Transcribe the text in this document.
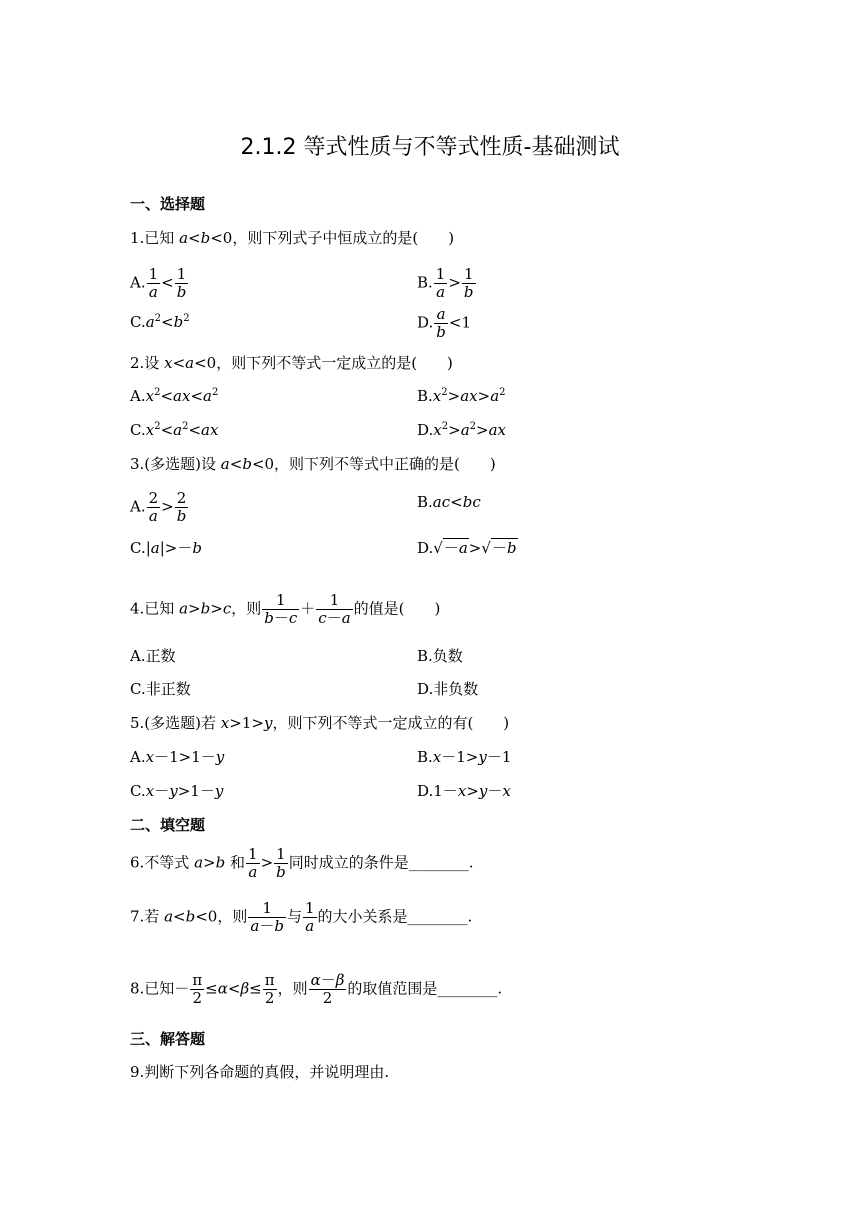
2.1.2 等式性质与不等式性质-基础测试
一、选择题
1.已知 a<b<0，则下列式子中恒成立的是(　　)
A. $\frac{1}{a} < \frac{1}{b}$	B. $\frac{1}{a} > \frac{1}{b}$
$C.a^2<b^2$	D. $\frac{a}{b} <1$
2.设 x<a<0，则下列不等式一定成立的是(　　)
$A.x^2<ax<a^2$	$B.x^2>ax>a^2$
$C.x^2<a^2<ax$	$D.x^2>a^2>ax$
3.(多选题)设 a<b<0，则下列不等式中正确的是(　　)
A. $\frac{2}{a} > \frac{2}{b}$	B.ac<bc
C.|a|>－b	D.√－a>√－b
4.已知 a>b>c，则 $\frac{1}{b-c} + \frac{1}{c-a}$ 的值是(　　)
A.正数	B.负数
C.非正数	D.非负数
5.(多选题)若 x>1>y，则下列不等式一定成立的有(　　)
A.x－1>1－y	B.x－1>y－1
C.x－y>1－y	D.1－x>y－x
二、填空题
6.不等式 a>b 和 $\frac{1}{a} > \frac{1}{b}$ 同时成立的条件是________.
7.若 a<b<0，则 $\frac{1}{a-b}$ 与 $\frac{1}{a}$ 的大小关系是________.
8.已知－ $\frac{\pi}{2} \le\alpha<\beta\le \frac{\pi}{2}$ ，则 $\frac{\alpha-\beta}{2}$ 的取值范围是________.
三、解答题
9.判断下列各命题的真假，并说明理由.
